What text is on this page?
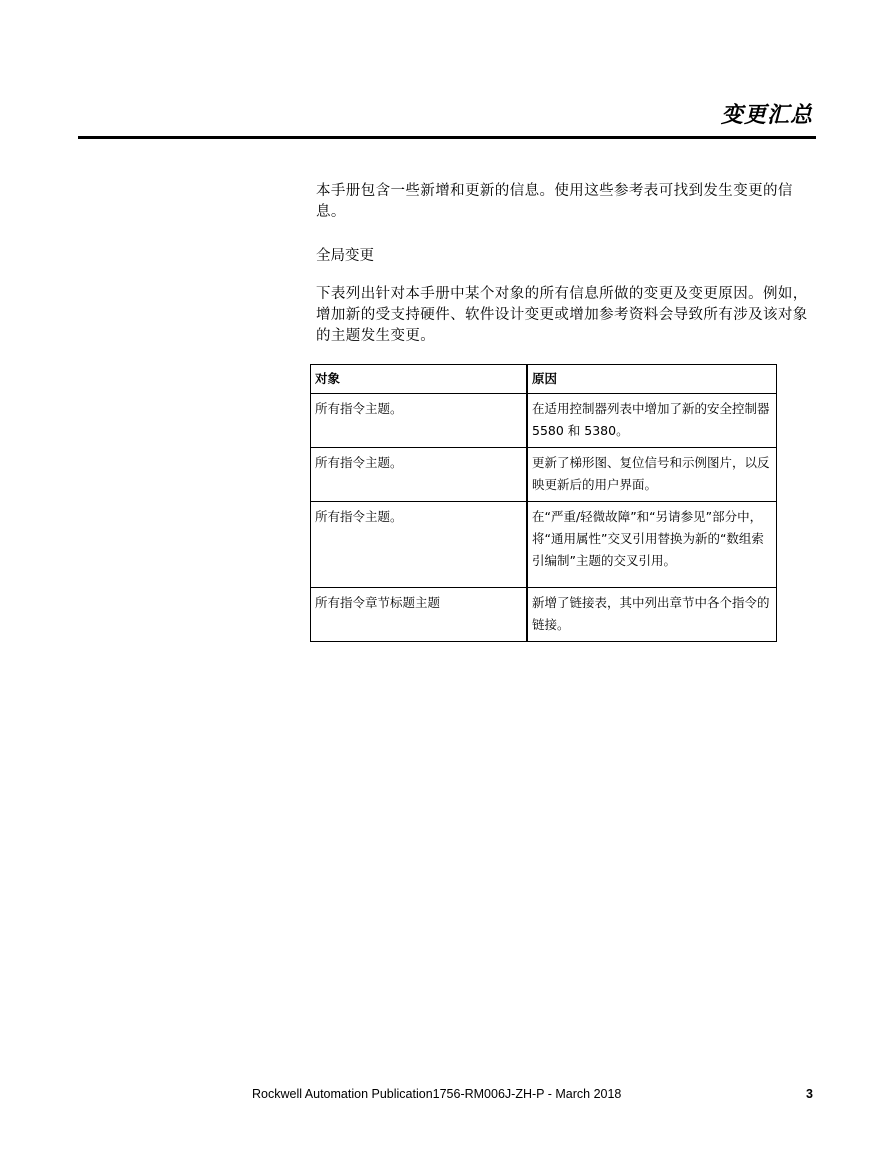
变更汇总

本手册包含一些新增和更新的信息。使用这些参考表可找到发生变更的信息。

全局变更

下表列出针对本手册中某个对象的所有信息所做的变更及变更原因。例如，增加新的受支持硬件、软件设计变更或增加参考资料会导致所有涉及该对象的主题发生变更。

对象	原因
所有指令主题。	在适用控制器列表中增加了新的安全控制器 5580 和 5380。
所有指令主题。	更新了梯形图、复位信号和示例图片，以反映更新后的用户界面。
所有指令主题。	在“严重/轻微故障”和“另请参见”部分中，将“通用属性”交叉引用替换为新的“数组索引编制”主题的交叉引用。
所有指令章节标题主题	新增了链接表，其中列出章节中各个指令的链接。
Rockwell Automation Publication1756-RM006J-ZH-P - March 2018	3
